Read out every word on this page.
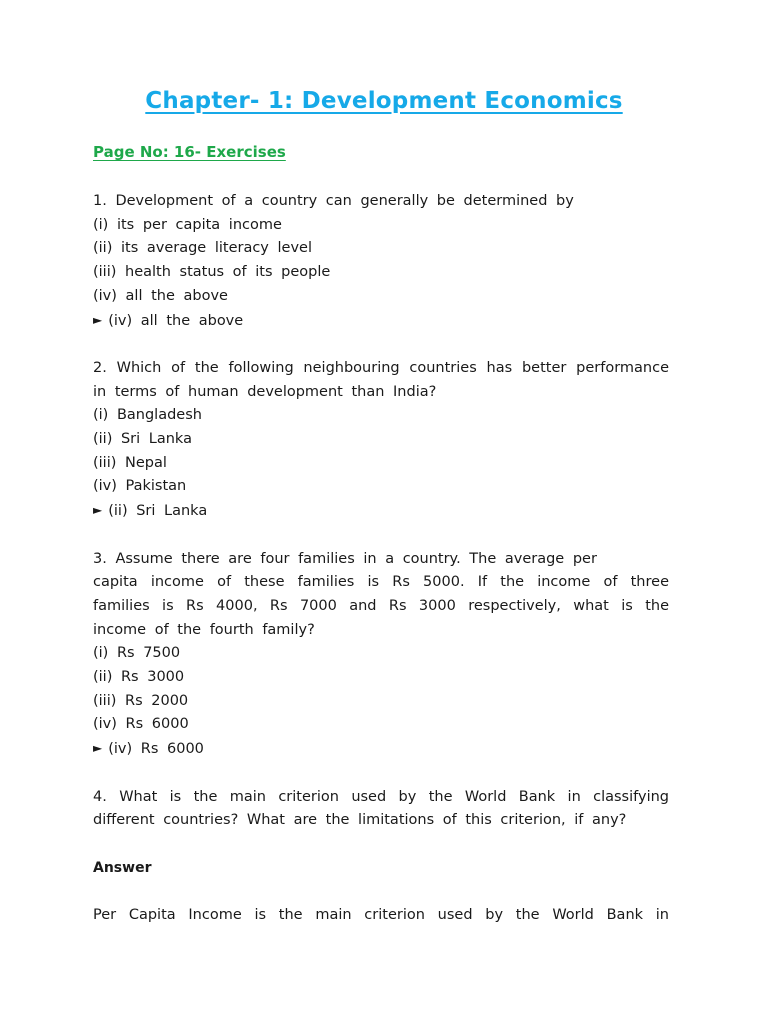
Chapter- 1: Development Economics
Page No: 16- Exercises
1. Development of a country can generally be determined by
(i) its per capita income
(ii) its average literacy level
(iii) health status of its people
(iv) all the above
► (iv) all the above
2. Which of the following neighbouring countries has better performance
in terms of human development than India?
(i) Bangladesh
(ii) Sri Lanka
(iii) Nepal
(iv) Pakistan
► (ii) Sri Lanka
3. Assume there are four families in a country. The average per
capita income of these families is Rs 5000. If the income of three
families is Rs 4000, Rs 7000 and Rs 3000 respectively, what is the
income of the fourth family?
(i) Rs 7500
(ii) Rs 3000
(iii) Rs 2000
(iv) Rs 6000
► (iv) Rs 6000
4. What is the main criterion used by the World Bank in classifying
different countries? What are the limitations of this criterion, if any?
Answer
Per Capita Income is the main criterion used by the World Bank in
